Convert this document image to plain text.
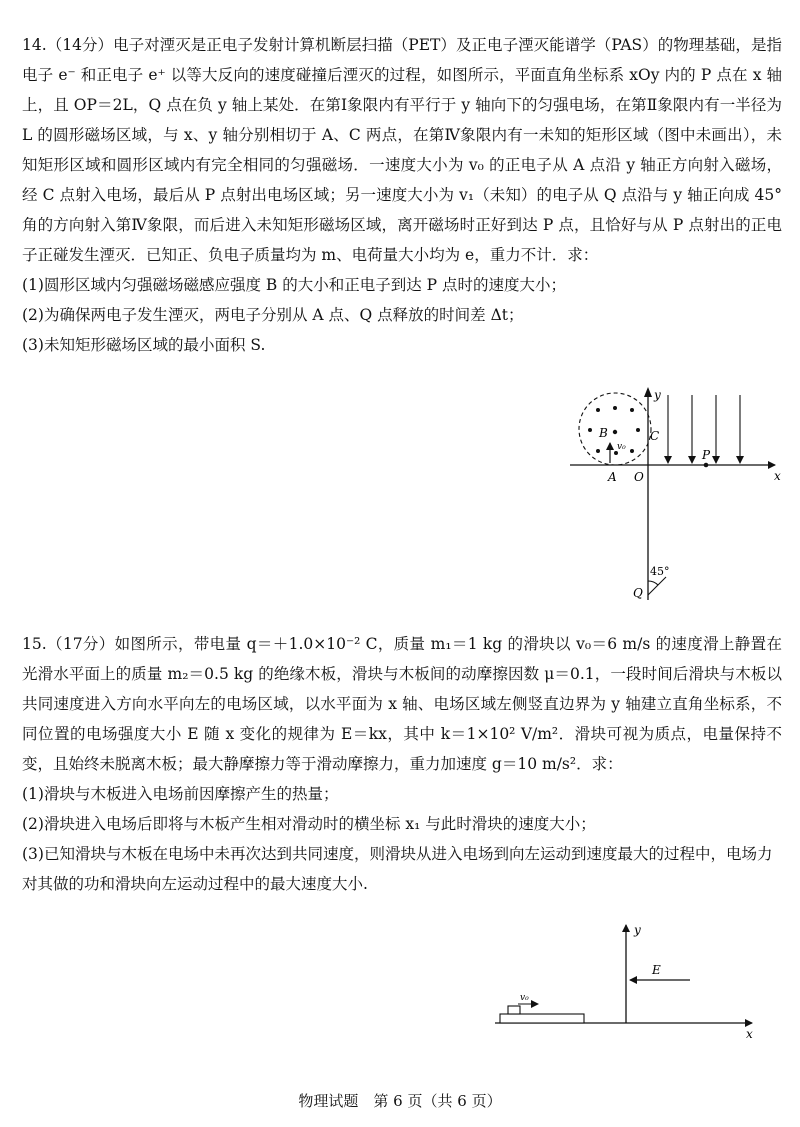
14.（14分）电子对湮灭是正电子发射计算机断层扫描（PET）及正电子湮灭能谱学（PAS）的物理基础，是指电子 e⁻ 和正电子 e⁺ 以等大反向的速度碰撞后湮灭的过程，如图所示，平面直角坐标系 xOy 内的 P 点在 x 轴上，且 OP＝2L，Q 点在负 y 轴上某处．在第Ⅰ象限内有平行于 y 轴向下的匀强电场，在第Ⅱ象限内有一半径为 L 的圆形磁场区域，与 x、y 轴分别相切于 A、C 两点，在第Ⅳ象限内有一未知的矩形区域（图中未画出），未知矩形区域和圆形区域内有完全相同的匀强磁场．一速度大小为 v₀ 的正电子从 A 点沿 y 轴正方向射入磁场，经 C 点射入电场，最后从 P 点射出电场区域；另一速度大小为 v₁（未知）的电子从 Q 点沿与 y 轴正向成 45°角的方向射入第Ⅳ象限，而后进入未知矩形磁场区域，离开磁场时正好到达 P 点，且恰好与从 P 点射出的正电子正碰发生湮灭．已知正、负电子质量均为 m、电荷量大小均为 e，重力不计．求：

(1)圆形区域内匀强磁场磁感应强度 B 的大小和正电子到达 P 点时的速度大小；

(2)为确保两电子发生湮灭，两电子分别从 A 点、Q 点释放的时间差 Δt；

(3)未知矩形磁场区域的最小面积 S.

y
x
B
v₀
A O
C
P
45°
Q

15.（17分）如图所示，带电量 q＝＋1.0×10⁻² C，质量 m₁＝1 kg 的滑块以 v₀＝6 m/s 的速度滑上静置在光滑水平面上的质量 m₂＝0.5 kg 的绝缘木板，滑块与木板间的动摩擦因数 μ＝0.1，一段时间后滑块与木板以共同速度进入方向水平向左的电场区域，以水平面为 x 轴、电场区域左侧竖直边界为 y 轴建立直角坐标系，不同位置的电场强度大小 E 随 x 变化的规律为 E＝kx，其中 k＝1×10² V/m²．滑块可视为质点，电量保持不变，且始终未脱离木板；最大静摩擦力等于滑动摩擦力，重力加速度 g＝10 m/s²．求：

(1)滑块与木板进入电场前因摩擦产生的热量；

(2)滑块进入电场后即将与木板产生相对滑动时的横坐标 x₁ 与此时滑块的速度大小；

(3)已知滑块与木板在电场中未再次达到共同速度，则滑块从进入电场到向左运动到速度最大的过程中，电场力对其做的功和滑块向左运动过程中的最大速度大小.

y
x
E
v₀
物理试题　第 6 页（共 6 页）
